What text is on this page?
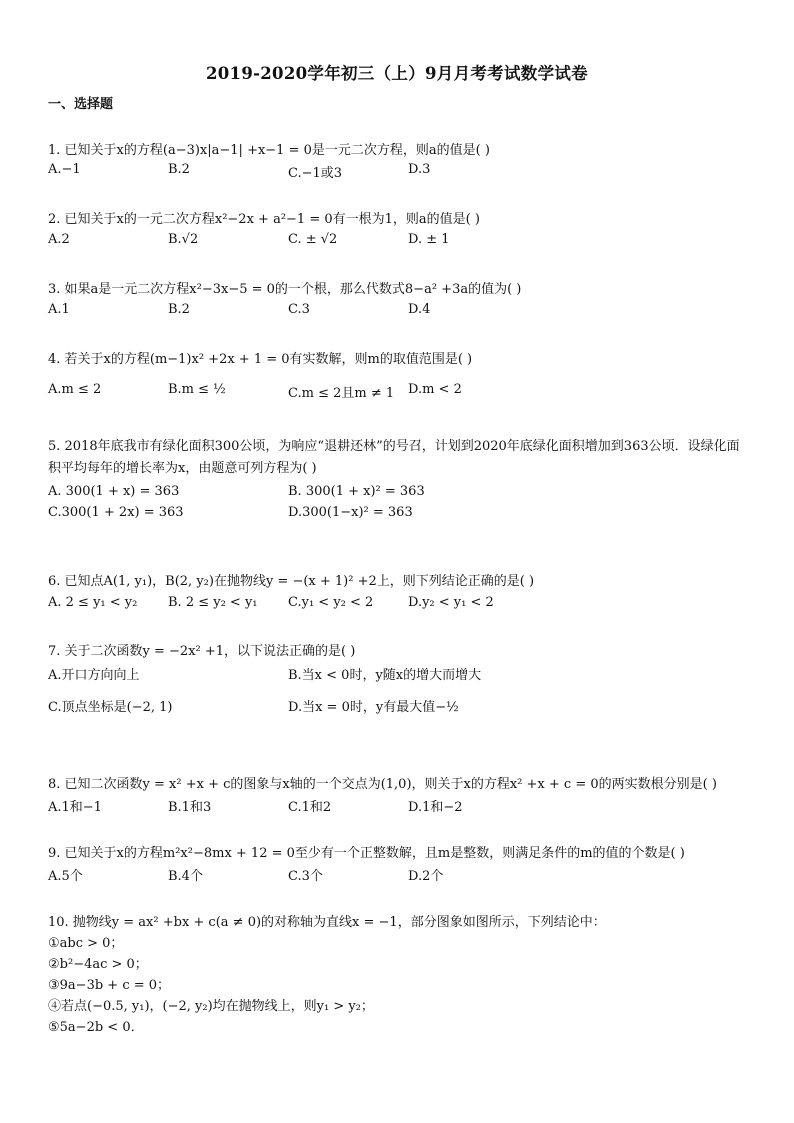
2019-2020学年初三（上）9月月考考试数学试卷
一、选择题
1. 已知关于x的方程(a−3)x|a−1| +x−1 = 0是一元二次方程，则a的值是( )
A.−1	B.2	C.−1或3	D.3
2. 已知关于x的一元二次方程x²−2x + a²−1 = 0有一根为1，则a的值是( )
A.2	B.√2	C. ± √2	D. ± 1
3. 如果a是一元二次方程x²−3x−5 = 0的一个根，那么代数式8−a² +3a的值为( )
A.1	B.2	C.3	D.4
4. 若关于x的方程(m−1)x² +2x + 1 = 0有实数解，则m的取值范围是( )
A.m ≤ 2	B.m ≤ ½	C.m ≤ 2且m ≠ 1 D.m < 2
5. 2018年底我市有绿化面积300公顷，为响应“退耕还林”的号召，计划到2020年底绿化面积增加到363公顷．设绿化面积平均每年的增长率为x，由题意可列方程为( )
A. 300(1 + x) = 363	B. 300(1 + x)² = 363
C.300(1 + 2x) = 363	D.300(1−x)² = 363
6. 已知点A(1, y₁)，B(2, y₂)在抛物线y = −(x + 1)² +2上，则下列结论正确的是( )
A. 2 ≤ y₁ < y₂ B. 2 ≤ y₂ < y₁ C.y₁ < y₂ < 2	D.y₂ < y₁ < 2
7. 关于二次函数y = −2x² +1，以下说法正确的是( )
A.开口方向向上	B.当x < 0时，y随x的增大而增大
C.顶点坐标是(−2, 1)	D.当x = 0时，y有最大值−½
8. 已知二次函数y = x² +x + c的图象与x轴的一个交点为(1,0)，则关于x的方程x² +x + c = 0的两实数根分别是( )
A.1和−1	B.1和3	C.1和2	D.1和−2
9. 已知关于x的方程m²x²−8mx + 12 = 0至少有一个正整数解，且m是整数，则满足条件的m的值的个数是( )
A.5个	B.4个	C.3个	D.2个
10. 抛物线y = ax² +bx + c(a ≠ 0)的对称轴为直线x = −1，部分图象如图所示，下列结论中：
①abc > 0；
②b²−4ac > 0；
③9a−3b + c = 0；
④若点(−0.5, y₁)，(−2, y₂)均在抛物线上，则y₁ > y₂；
⑤5a−2b < 0．
